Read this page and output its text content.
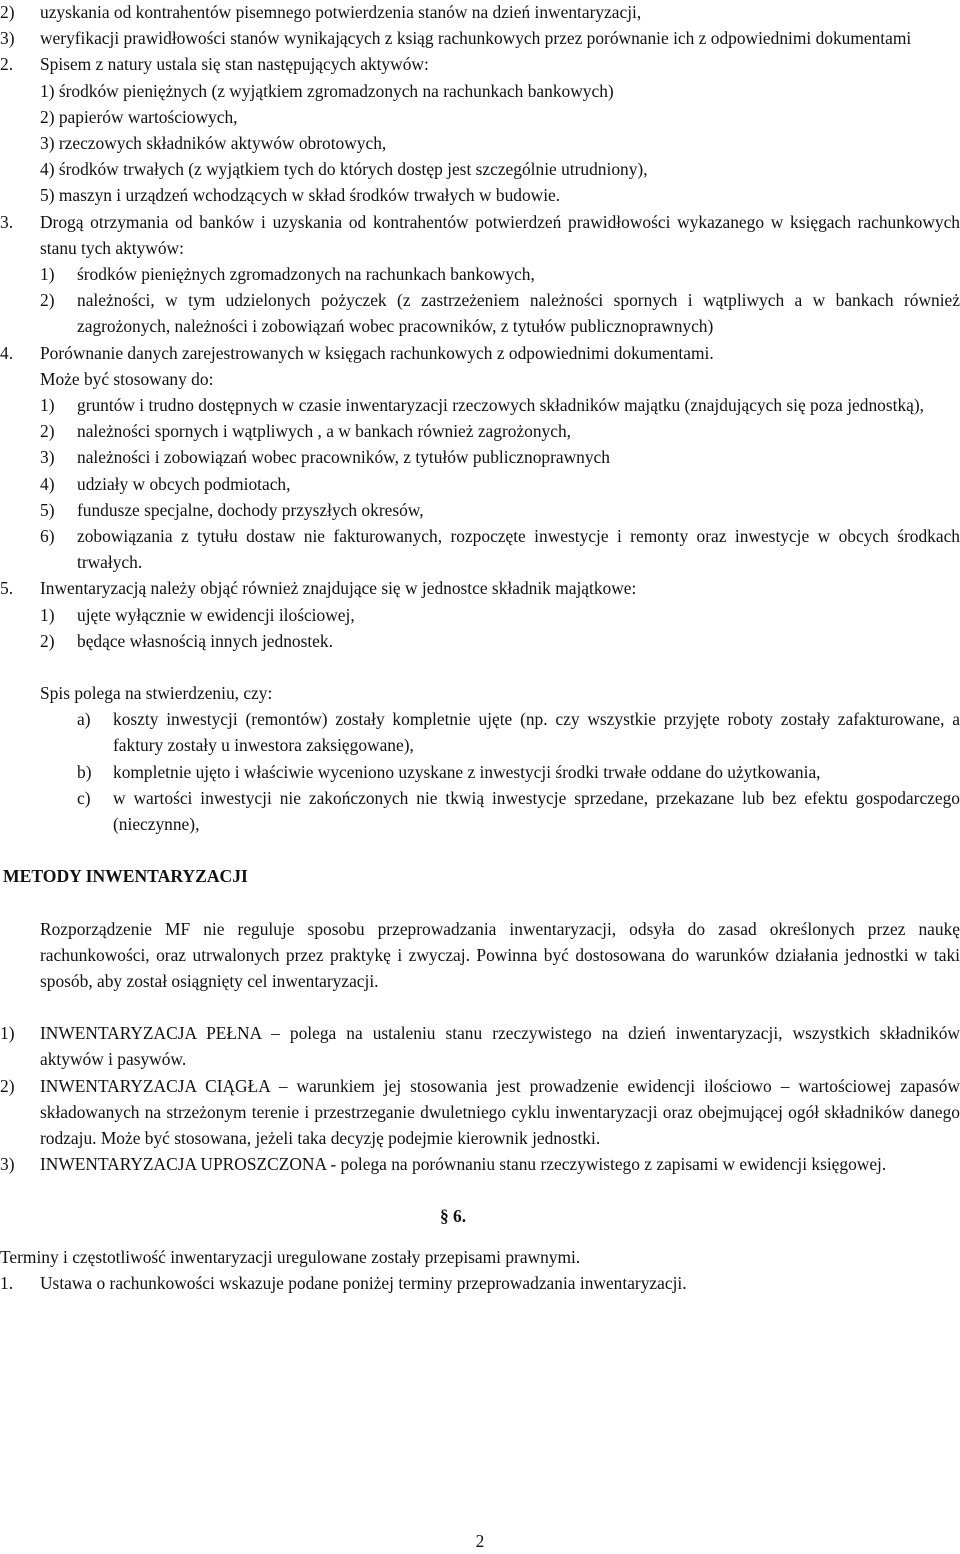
2) uzyskania od kontrahentów pisemnego potwierdzenia stanów na dzień inwentaryzacji,
3) weryfikacji prawidłowości stanów wynikających z ksiąg rachunkowych przez porównanie ich z odpowiednimi dokumentami
2. Spisem z natury ustala się stan następujących aktywów:
1) środków pieniężnych (z wyjątkiem zgromadzonych na rachunkach bankowych)
2) papierów wartościowych,
3) rzeczowych składników aktywów obrotowych,
4) środków trwałych (z wyjątkiem tych do których dostęp jest szczególnie utrudniony),
5) maszyn i urządzeń wchodzących w skład środków trwałych w budowie.
3. Drogą otrzymania od banków i uzyskania od kontrahentów potwierdzeń prawidłowości wykazanego w księgach rachunkowych stanu tych aktywów:
1) środków pieniężnych zgromadzonych na rachunkach bankowych,
2) należności, w tym udzielonych pożyczek (z zastrzeżeniem należności spornych i wątpliwych a w bankach również zagrożonych, należności i zobowiązań wobec pracowników, z tytułów publicznoprawnych)
4. Porównanie danych zarejestrowanych w księgach rachunkowych z odpowiednimi dokumentami.
Może być stosowany do:
1) gruntów i trudno dostępnych w czasie inwentaryzacji rzeczowych składników majątku (znajdujących się poza jednostką),
2) należności spornych i wątpliwych , a w bankach również zagrożonych,
3) należności i zobowiązań wobec pracowników, z tytułów publicznoprawnych
4) udziały w obcych podmiotach,
5) fundusze specjalne, dochody przyszłych okresów,
6) zobowiązania z tytułu dostaw nie fakturowanych, rozpoczęte inwestycje i remonty oraz inwestycje w obcych środkach trwałych.
5. Inwentaryzacją należy objąć również znajdujące się w jednostce składnik majątkowe:
1) ujęte wyłącznie w ewidencji ilościowej,
2) będące własnością innych jednostek.
Spis polega na stwierdzeniu, czy:
a) koszty inwestycji (remontów) zostały kompletnie ujęte (np. czy wszystkie przyjęte roboty zostały zafakturowane, a faktury zostały u inwestora zaksięgowane),
b) kompletnie ujęto i właściwie wyceniono uzyskane z inwestycji środki trwałe oddane do użytkowania,
c) w wartości inwestycji nie zakończonych nie tkwią inwestycje sprzedane, przekazane lub bez efektu gospodarczego (nieczynne),
METODY INWENTARYZACJI
Rozporządzenie MF nie reguluje sposobu przeprowadzania inwentaryzacji, odsyła do zasad określonych przez naukę rachunkowości, oraz utrwalonych przez praktykę i zwyczaj. Powinna być dostosowana do warunków działania jednostki w taki sposób, aby został osiągnięty cel inwentaryzacji.
1) INWENTARYZACJA PEŁNA – polega na ustaleniu stanu rzeczywistego na dzień inwentaryzacji, wszystkich składników aktywów i pasywów.
2) INWENTARYZACJA CIĄGŁA – warunkiem jej stosowania jest prowadzenie ewidencji ilościowo – wartościowej zapasów składowanych na strzeżonym terenie i przestrzeganie dwuletniego cyklu inwentaryzacji oraz obejmującej ogół składników danego rodzaju. Może być stosowana, jeżeli taka decyzję podejmie kierownik jednostki.
3) INWENTARYZACJA UPROSZCZONA - polega na porównaniu stanu rzeczywistego z zapisami w ewidencji księgowej.
§ 6.
Terminy i częstotliwość inwentaryzacji uregulowane zostały przepisami prawnymi.
1. Ustawa o rachunkowości wskazuje podane poniżej terminy przeprowadzania inwentaryzacji.
2
